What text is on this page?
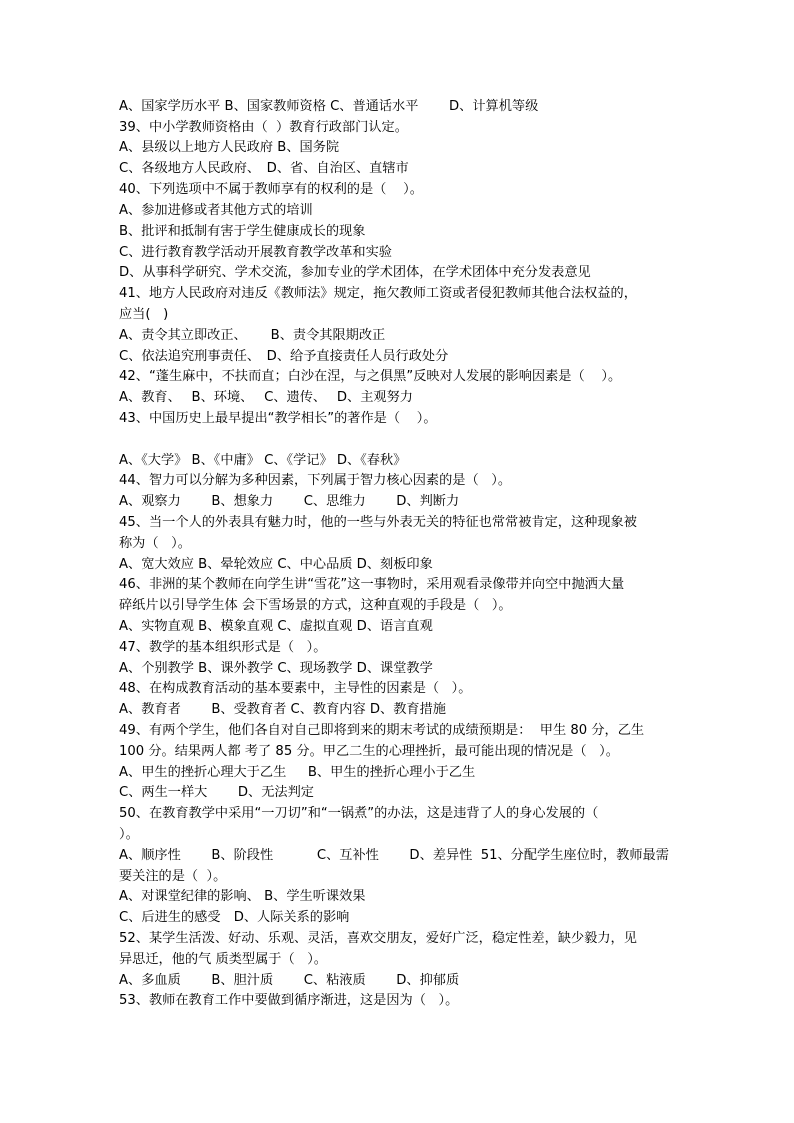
A、国家学历水平 B、国家教师资格 C、普通话水平　　 D、计算机等级
39、中小学教师资格由（  ）教育行政部门认定。
A、县级以上地方人民政府 B、国务院
C、各级地方人民政府、　D、省、自治区、直辖市
40、下列选项中不属于教师享有的权利的是（    ）。
A、参加进修或者其他方式的培训
B、批评和抵制有害于学生健康成长的现象
C、进行教育教学活动开展教育教学改革和实验
D、从事科学研究、学术交流，参加专业的学术团体，在学术团体中充分发表意见
41、地方人民政府对违反《教师法》规定，拖欠教师工资或者侵犯教师其他合法权益的，
应当(   )
A、责令其立即改正、　　 B、责令其限期改正
C、依法追究刑事责任、　D、给予直接责任人员行政处分
42、“蓬生麻中，不扶而直；白沙在涅，与之俱黑”反映对人发展的影响因素是（    ）。
A、教育、　 B、环境、　 C、遗传、　 D、主观努力
43、中国历史上最早提出“教学相长”的著作是（    ）。
A、《大学》 B、《中庸》 C、《学记》 D、《春秋》
44、智力可以分解为多种因素，下列属于智力核心因素的是（   ）。
A、观察力　　 B、想象力　　 C、思维力　　 D、判断力
45、当一个人的外表具有魅力时，他的一些与外表无关的特征也常常被肯定，这种现象被
称为（   ）。
A、宽大效应 B、晕轮效应 C、中心品质 D、刻板印象
46、非洲的某个教师在向学生讲“雪花”这一事物时，采用观看录像带并向空中抛洒大量
碎纸片以引导学生体 会下雪场景的方式，这种直观的手段是（   ）。
A、实物直观 B、模象直观 C、虚拟直观 D、语言直观
47、教学的基本组织形式是（   ）。
A、个别教学 B、课外教学 C、现场教学 D、课堂教学
48、在构成教育活动的基本要素中，主导性的因素是（   ）。
A、教育者　　 B、受教育者 C、教育内容 D、教育措施
49、有两个学生，他们各自对自己即将到来的期末考试的成绩预期是：  甲生 80 分，乙生
100 分。结果两人都 考了 85 分。甲乙二生的心理挫折，最可能出现的情况是（   ）。
A、甲生的挫折心理大于乙生　  B、甲生的挫折心理小于乙生
C、两生一样大　　 D、无法判定
50、在教育教学中采用“一刀切”和“一锅煮”的办法，这是违背了人的身心发展的（
）。
A、顺序性　　 B、阶段性　　　 C、互补性　　 D、差异性  51、分配学生座位时，教师最需
要关注的是（  ）。
A、对课堂纪律的影响、 B、学生听课效果
C、后进生的感受　D、人际关系的影响
52、某学生活泼、好动、乐观、灵活，喜欢交朋友，爱好广泛，稳定性差，缺少毅力，见
异思迁，他的气 质类型属于（   ）。
A、多血质　　 B、胆汁质　　 C、粘液质　　 D、抑郁质
53、教师在教育工作中要做到循序渐进，这是因为（   ）。
